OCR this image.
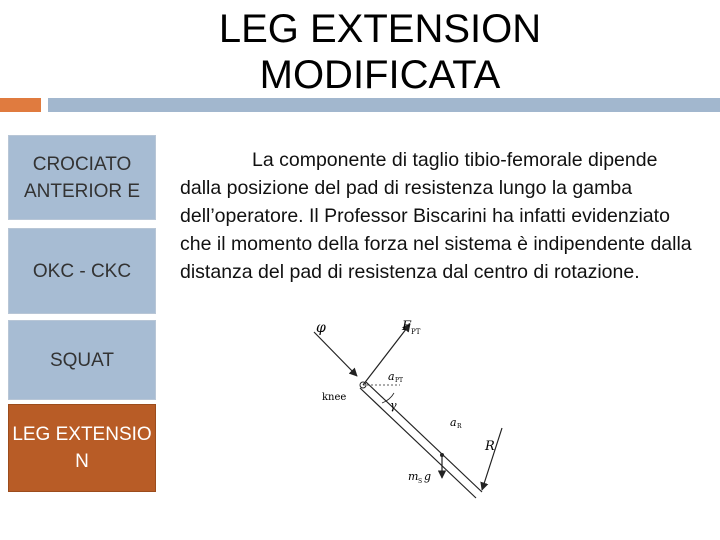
LEG EXTENSION
MODIFICATA
CROCIATO ANTERIOR E
OKC - CKC
SQUAT
LEG EXTENSIO N
La componente di taglio tibio-femorale dipende dalla posizione del pad di resistenza lungo la gamba dell’operatore. Il Professor Biscarini ha infatti evidenziato che il momento della forza nel sistema è indipendente dalla distanza del pad di resistenza dal centro di rotazione.
φ	F PT
a PT
knee
γ
a R
R
m S g
